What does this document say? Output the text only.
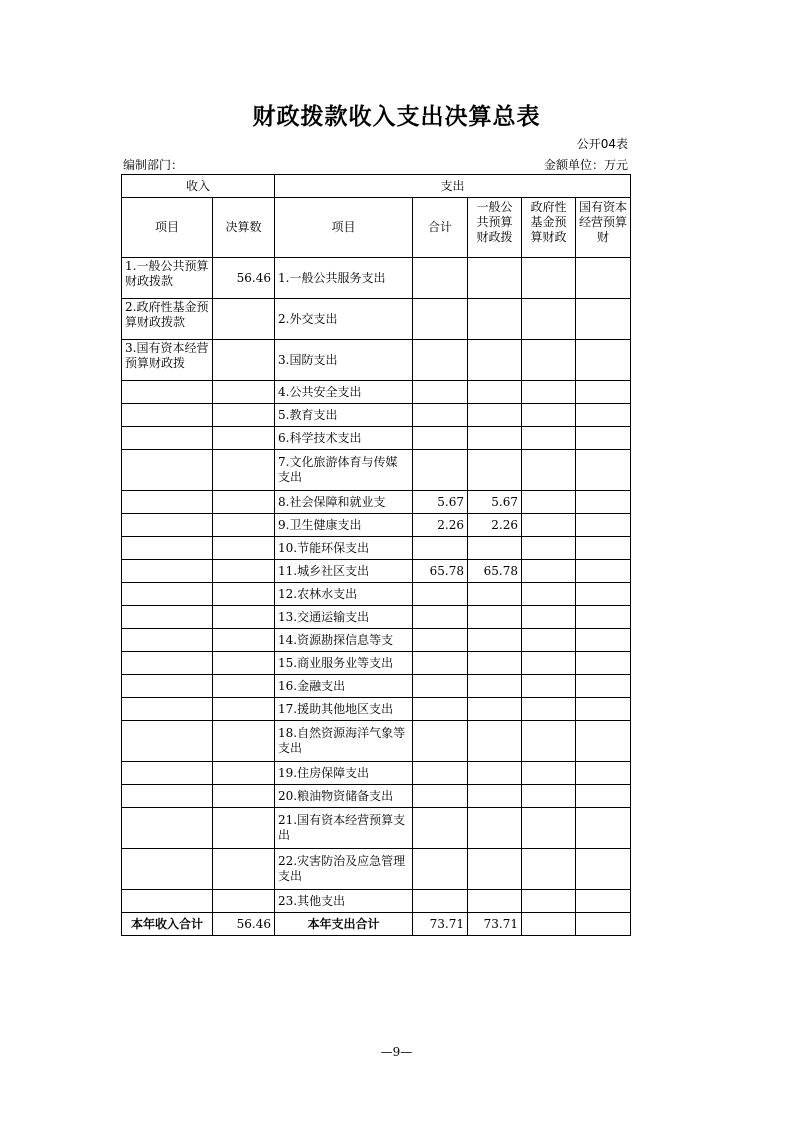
财政拨款收入支出决算总表
公开04表
编制部门：	金额单位：万元
收入		支出				
项目	决算数	项目	合计	一般公共预算财政拨	政府性基金预算财政	国有资本经营预算财

1.一般公共预算财政拨款	56.46	1.一般公共服务支出				

2.政府性基金预算财政拨款		2.外交支出				

3.国有资本经营预算财政拨		3.国防支出				
		4.公共安全支出				
		5.教育支出				
		6.科学技术支出				
		7.文化旅游体育与传媒支出				
		8.社会保障和就业支	5.67	5.67		
		9.卫生健康支出	2.26	2.26		
		10.节能环保支出				
		11.城乡社区支出	65.78	65.78		
		12.农林水支出				
		13.交通运输支出				
		14.资源勘探信息等支				
		15.商业服务业等支出				
		16.金融支出				
		17.援助其他地区支出				
		18.自然资源海洋气象等支出				
		19.住房保障支出				
		20.粮油物资储备支出				
		21.国有资本经营预算支出				
		22.灾害防治及应急管理支出				
		23.其他支出				
本年收入合计	56.46	本年支出合计	73.71	73.71		
—9—
